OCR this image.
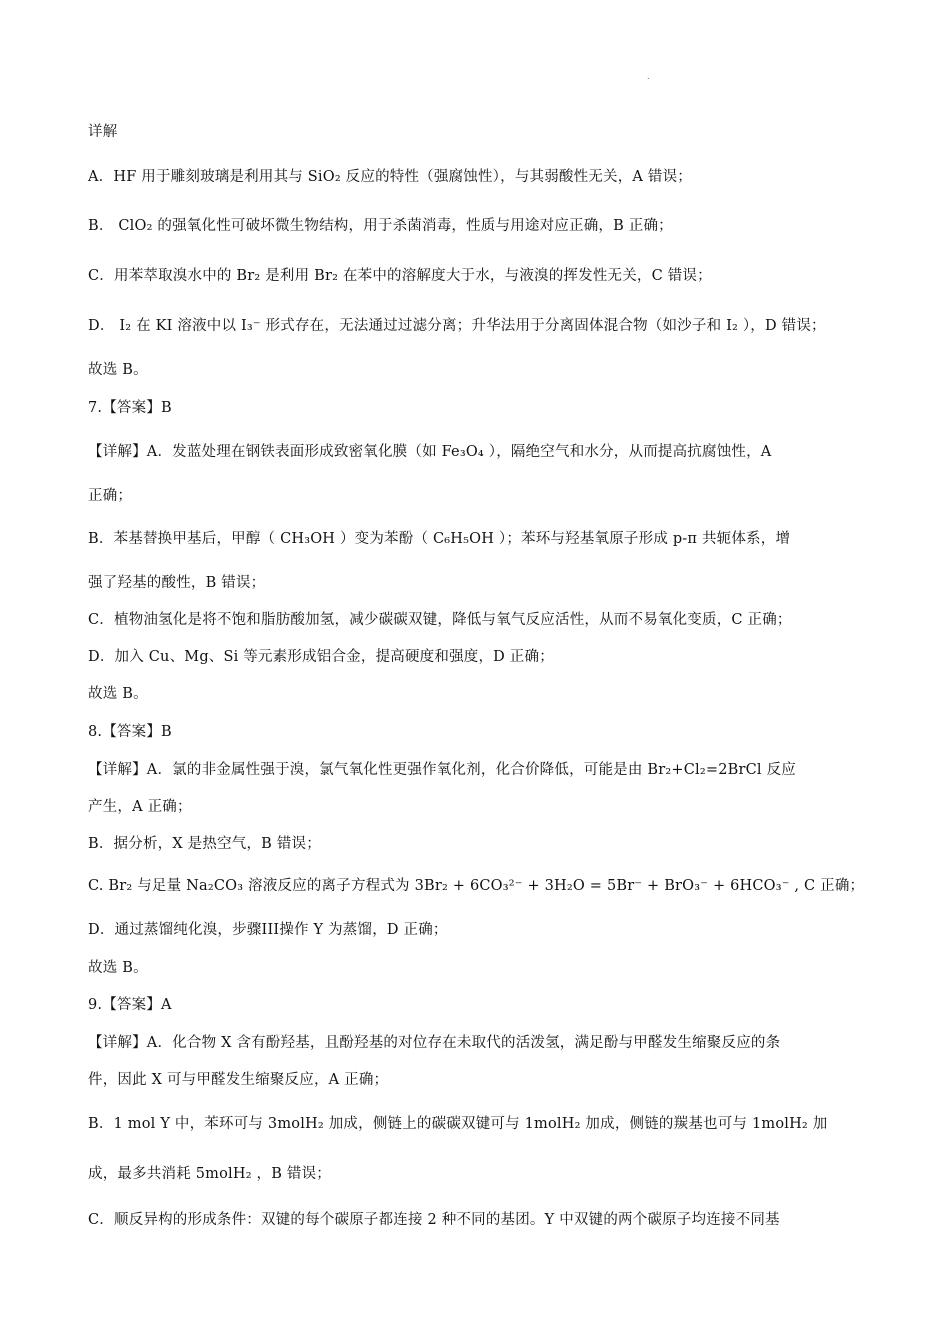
.
详解
A．HF 用于雕刻玻璃是利用其与 SiO₂ 反应的特性（强腐蚀性），与其弱酸性无关，A 错误；
B． ClO₂ 的强氧化性可破坏微生物结构，用于杀菌消毒，性质与用途对应正确，B 正确；
C．用苯萃取溴水中的 Br₂ 是利用 Br₂ 在苯中的溶解度大于水，与液溴的挥发性无关，C 错误；
D． I₂ 在 KI 溶液中以 I₃⁻ 形式存在，无法通过过滤分离；升华法用于分离固体混合物（如沙子和 I₂ ），D 错误；
故选 B。
7.【答案】B
【详解】A．发蓝处理在钢铁表面形成致密氧化膜（如 Fe₃O₄ ），隔绝空气和水分，从而提高抗腐蚀性，A
正确；
B．苯基替换甲基后，甲醇（ CH₃OH ）变为苯酚（ C₆H₅OH ）；苯环与羟基氧原子形成 p-π 共轭体系，增
强了羟基的酸性，B 错误；
C．植物油氢化是将不饱和脂肪酸加氢，减少碳碳双键，降低与氧气反应活性，从而不易氧化变质，C 正确；
D．加入 Cu、Mg、Si 等元素形成铝合金，提高硬度和强度，D 正确；
故选 B。
8.【答案】B
【详解】A．氯的非金属性强于溴，氯气氧化性更强作氧化剂，化合价降低，可能是由 Br₂+Cl₂=2BrCl 反应
产生，A 正确；
B．据分析，X 是热空气，B 错误；
C. Br₂ 与足量 Na₂CO₃ 溶液反应的离子方程式为 3Br₂ + 6CO₃²⁻ + 3H₂O = 5Br⁻ + BrO₃⁻ + 6HCO₃⁻ , C 正确；
D．通过蒸馏纯化溴，步骤III操作 Y 为蒸馏，D 正确；
故选 B。
9.【答案】A
【详解】A．化合物 X 含有酚羟基，且酚羟基的对位存在未取代的活泼氢，满足酚与甲醛发生缩聚反应的条
件，因此 X 可与甲醛发生缩聚反应，A 正确；
B．1 mol Y 中，苯环可与 3molH₂ 加成，侧链上的碳碳双键可与 1molH₂ 加成，侧链的羰基也可与 1molH₂ 加
成，最多共消耗 5molH₂ ，B 错误；
C．顺反异构的形成条件：双键的每个碳原子都连接 2 种不同的基团。Y 中双键的两个碳原子均连接不同基
